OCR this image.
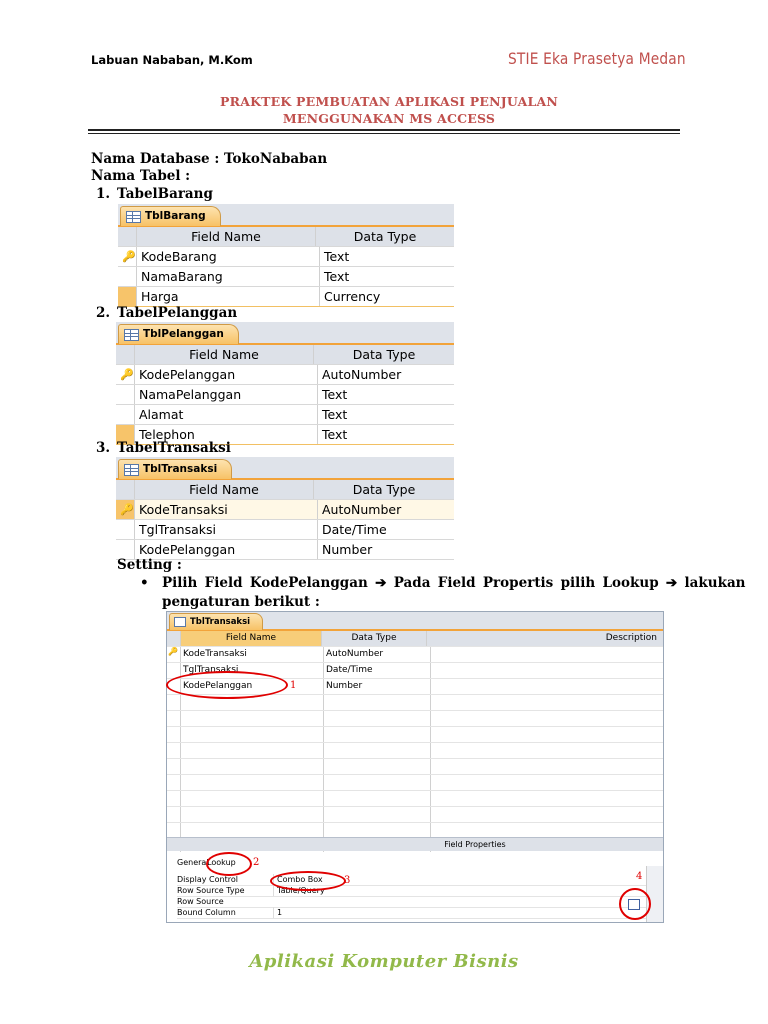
Labuan Nababan, M.Kom	STIE Eka Prasetya Medan
PRAKTEK PEMBUATAN APLIKASI PENJUALAN
MENGGUNAKAN MS ACCESS
Nama Database : TokoNababan
Nama Tabel :
1. TabelBarang
TblBarang
Field Name	Data Type
🔑 KodeBarang	Text
NamaBarang	Text
Harga	Currency
2. TabelPelanggan
TblPelanggan
Field Name	Data Type
🔑 KodePelanggan	AutoNumber
NamaPelanggan	Text
Alamat	Text
Telephon	Text
3. TabelTransaksi
TblTransaksi
Field Name	Data Type
🔑 KodeTransaksi	AutoNumber
TglTransaksi	Date/Time
KodePelanggan	Number
Setting :
• Pilih Field KodePelanggan ➔ Pada Field Propertis pilih Lookup ➔ lakukan
pengaturan berikut :
TblTransaksi
Field Name	Data Type	Description
🔑 KodeTransaksi	AutoNumber
TglTransaksi	Date/Time
KodePelanggan	Number
Field Properties
General Lookup
Display Control	Combo Box
Row Source Type	Table/Query
Row Source
Bound Column	1
1
2
3	4
Aplikasi Komputer Bisnis
